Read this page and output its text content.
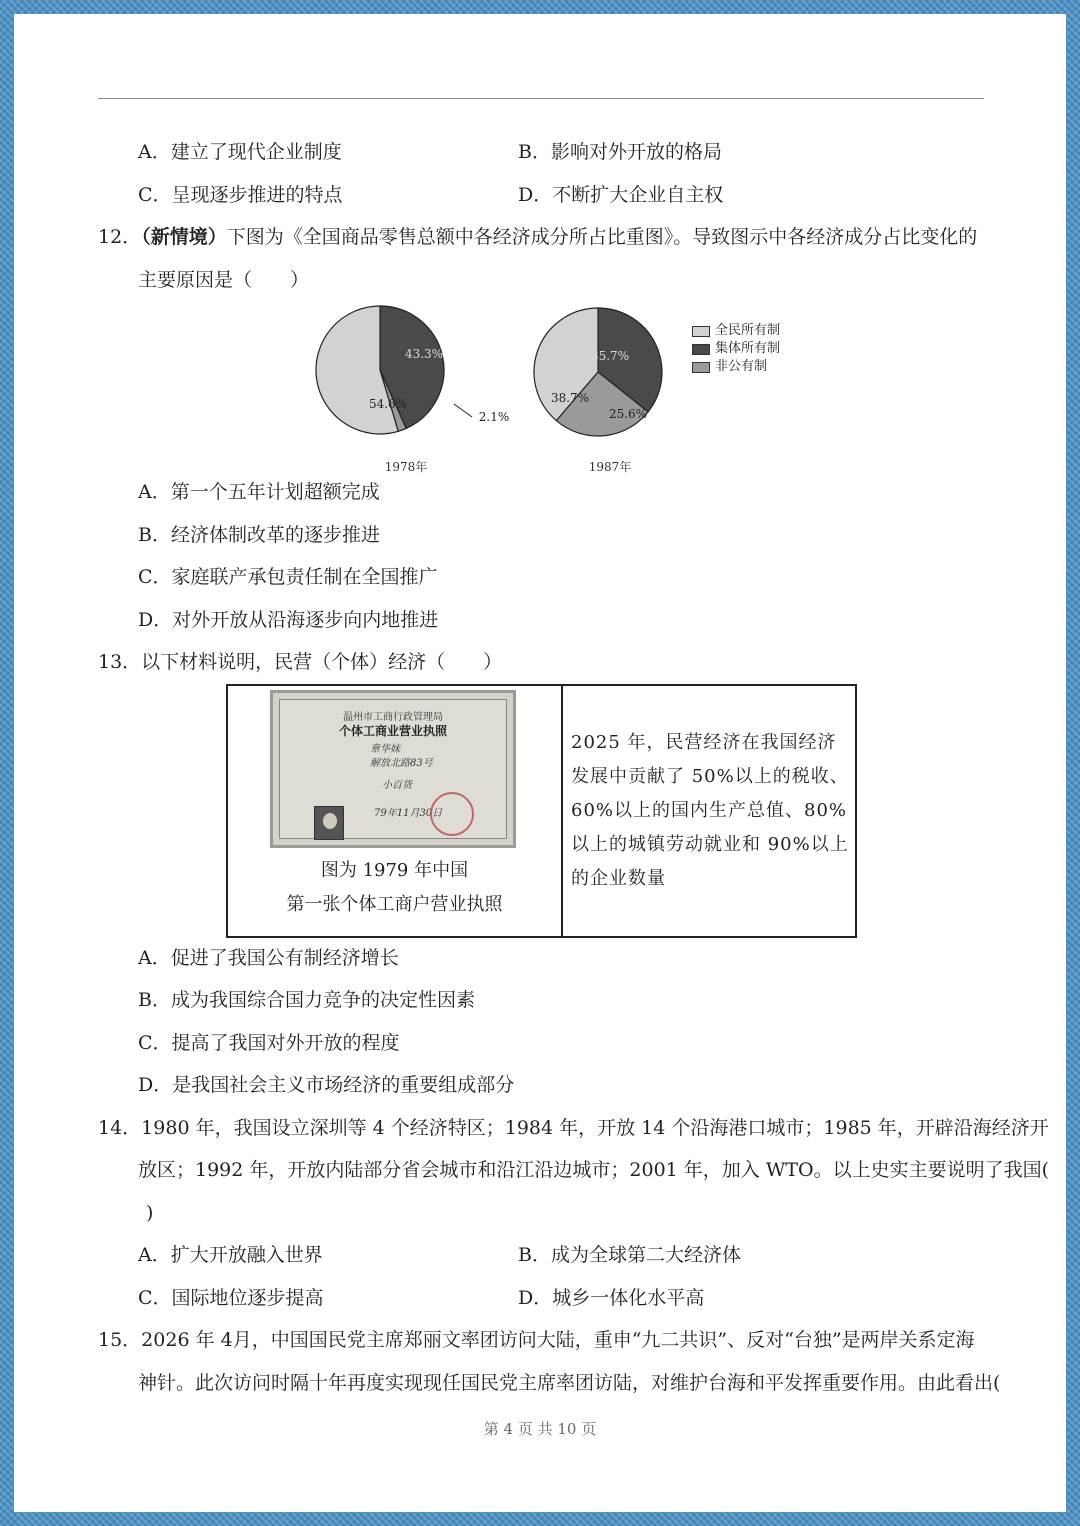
A．建立了现代企业制度	B．影响对外开放的格局
C．呈现逐步推进的特点	D．不断扩大企业自主权
12．（新情境）下图为《全国商品零售总额中各经济成分所占比重图》。导致图示中各经济成分占比变化的
主要原因是（　　）
43.3%
2.1%
54.6%
1978年
35.7%
25.6%
38.7%
1987年
全民所有制
集体所有制
非公有制
A．第一个五年计划超额完成
B．经济体制改革的逐步推进
C．家庭联产承包责任制在全国推广
D．对外开放从沿海逐步向内地推进
13．以下材料说明，民营（个体）经济（　　）
温州市工商行政管理局
个体工商业营业执照
章华妹
解放北路83号
小百货
79年11月30日
图为 1979 年中国
第一张个体工商户营业执照
2025 年，民营经济在我国经济发展中贡献了 50%以上的税收、60%以上的国内生产总值、80%以上的城镇劳动就业和 90%以上的企业数量
A．促进了我国公有制经济增长
B．成为我国综合国力竞争的决定性因素
C．提高了我国对外开放的程度
D．是我国社会主义市场经济的重要组成部分
14．1980 年，我国设立深圳等 4 个经济特区；1984 年，开放 14 个沿海港口城市；1985 年，开辟沿海经济开
放区；1992 年，开放内陆部分省会城市和沿江沿边城市；2001 年，加入 WTO。以上史实主要说明了我国(
)
A．扩大开放融入世界	B．成为全球第二大经济体
C．国际地位逐步提高	D．城乡一体化水平高
15．2026 年 4月，中国国民党主席郑丽文率团访问大陆，重申“九二共识”、反对“台独”是两岸关系定海
神针。此次访问时隔十年再度实现现任国民党主席率团访陆，对维护台海和平发挥重要作用。由此看出(
第 4 页 共 10 页
